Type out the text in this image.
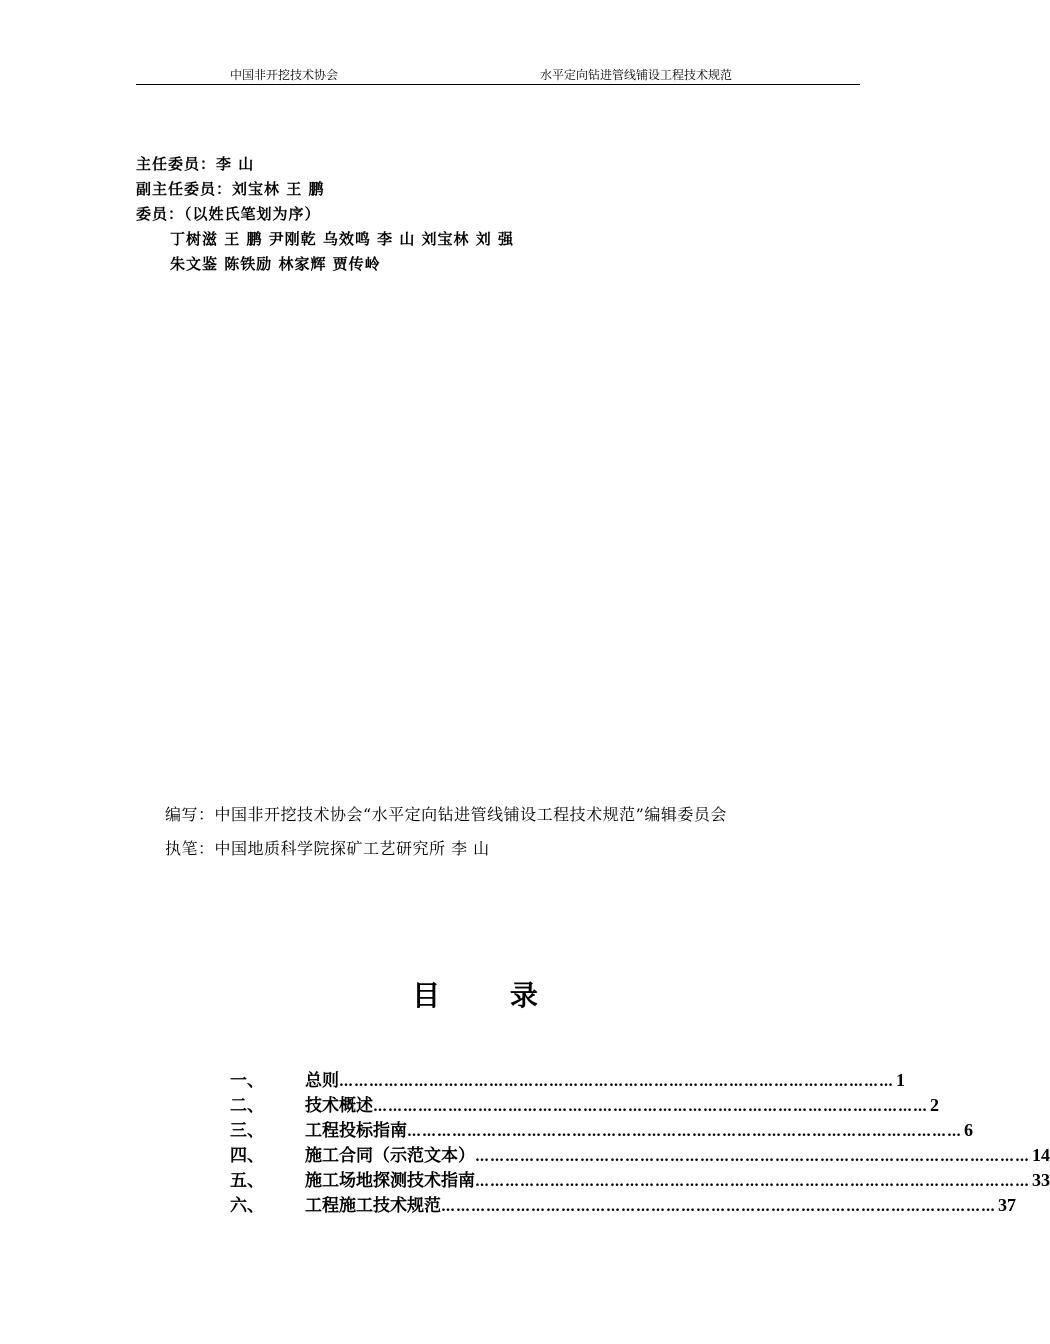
中国非开挖技术协会	水平定向钻进管线铺设工程技术规范
主任委员：李 山
副主任委员：刘宝林 王 鹏
委员：（以姓氏笔划为序）
丁树滋 王 鹏 尹刚乾 乌效鸣 李 山 刘宝林 刘 强
朱文鉴 陈铁励 林家辉 贾传岭
编写：中国非开挖技术协会“水平定向钻进管线铺设工程技术规范”编辑委员会
执笔：中国地质科学院探矿工艺研究所 李 山
目 录
一、	总则 ………………………………………………………………………………………………… 1
二、	技术概述 ………………………………………………………………………………………………… 2
三、	工程投标指南 ………………………………………………………………………………………………… 6
四、	施工合同（示范文本） ………………………………………………………………………………………………… 14
五、	施工场地探测技术指南 ………………………………………………………………………………………………… 33
六、	工程施工技术规范 ………………………………………………………………………………………………… 37
